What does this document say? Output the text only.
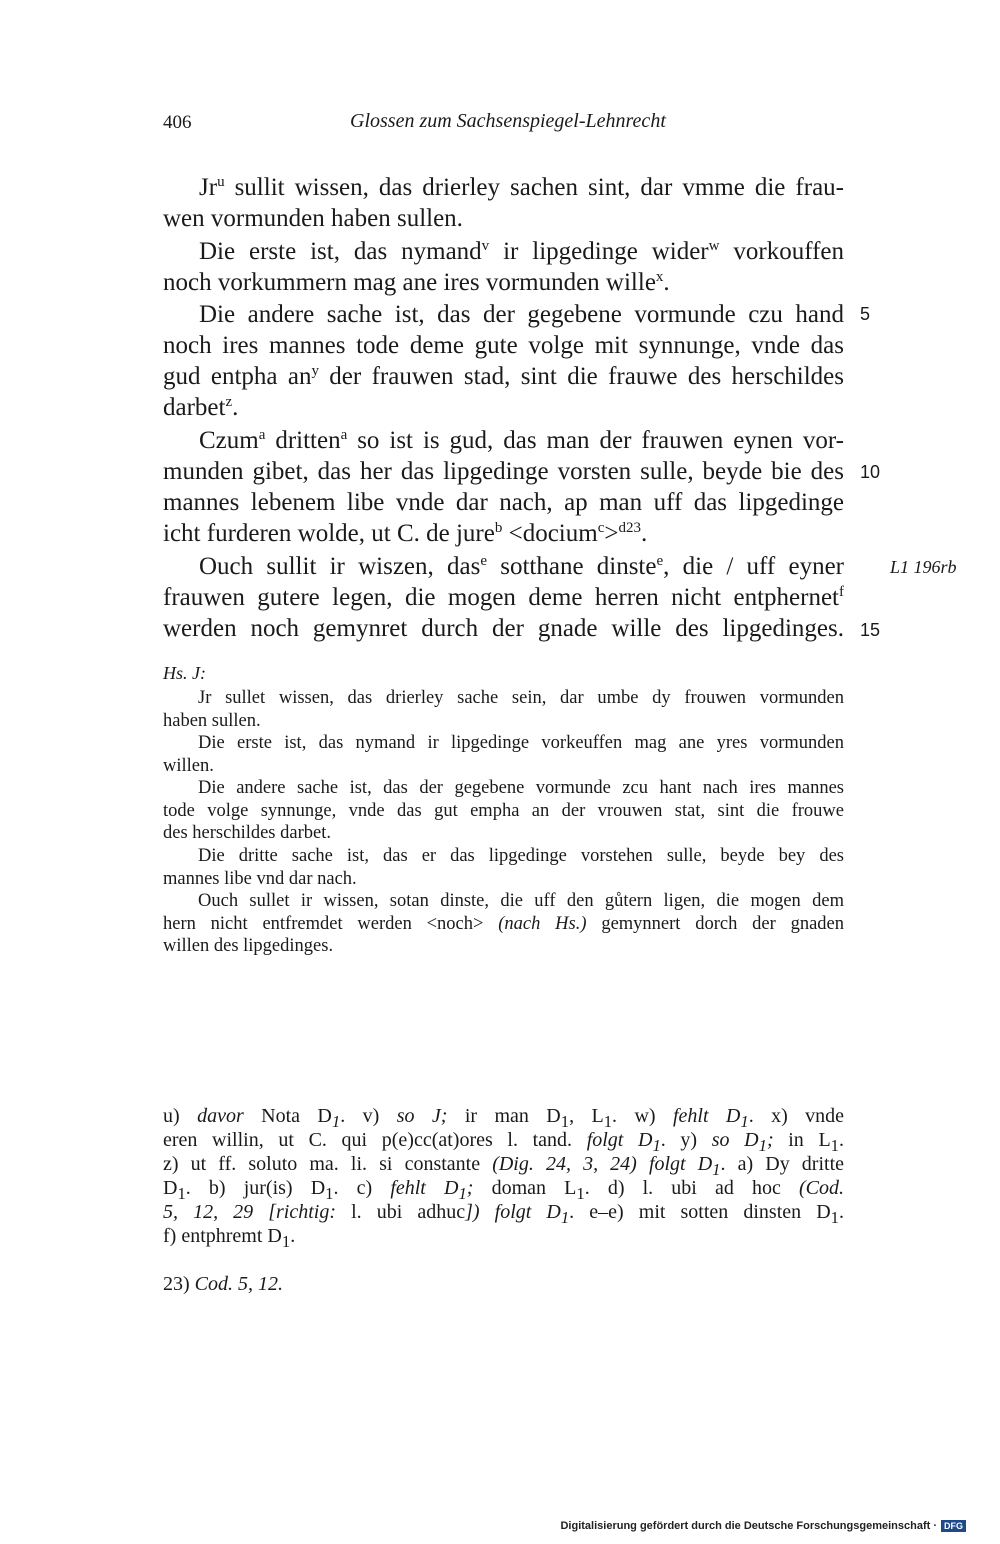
406	Glossen zum Sachsenspiegel-Lehnrecht
Jr$^u$ sullit wissen, das drierley sachen sint, dar vmme die frau-
wen vormunden haben sullen.
Die erste ist, das nymand$^v$ ir lipgedinge wider$^w$ vorkouffen
noch vorkummern mag ane ires vormunden wille$^x$.
Die andere sache ist, das der gegebene vormunde czu hand
noch ires mannes tode deme gute volge mit synnunge, vnde das
gud entpha $an^y$ der frauwen stad, sint die frauwe des herschildes
darbet$^z$.
Czum$^a$ dritten$^a$ so ist is gud, das man der frauwen eynen vor-
munden gibet, das her das lipgedinge vorsten sulle, beyde bie des
mannes lebenem libe vnde dar nach, ap man uff das lipgedinge
icht furderen wolde, ut C. de jure$^b$ <docium$^c$>$^{d23}$.
Ouch sullit ir wiszen, das$^e$ sotthane dinste$^e$, die / uff eyner
frauwen gutere legen, die mogen deme herren nicht entphernet$^f$
werden noch gemynret durch der gnade wille des lipgedinges.
5
10
15
L1 196rb
Hs. J:
Jr sullet wissen, das drierley sache sein, dar umbe dy frouwen vormunden
haben sullen.
Die erste ist, das nymand ir lipgedinge vorkeuffen mag ane yres vormunden
willen.
Die andere sache ist, das der gegebene vormunde zcu hant nach ires mannes
tode volge synnunge, vnde das gut empha an der vrouwen stat, sint die frouwe
des herschildes darbet.
Die dritte sache ist, das er das lipgedinge vorstehen sulle, beyde bey des
mannes libe vnd dar nach.
Ouch sullet ir wissen, sotan dinste, die uff den gůtern ligen, die mogen dem
hern nicht entfremdet werden <noch> (nach Hs.) gemynnert dorch der gnaden
willen des lipgedinges.
u) davor Nota $D_1$. v) so J; ir man $D_1$, $L_1$. w) fehlt $D_1$. x) vnde
eren willin, ut C. qui p(e)cc(at)ores l. tand. folgt $D_1$. y) so $D_1$; in $L_1$.
z) ut ff. soluto ma. li. si constante (Dig. 24, 3, 24) folgt $D_1$. a) Dy dritte
$D_1$. b) jur(is) $D_1$. c) fehlt $D_1$; doman $L_1$. d) l. ubi ad hoc (Cod.
5, 12, 29 [richtig: l. ubi adhuc]) folgt $D_1$. e–e) mit sotten dinsten $D_1$.
f) entphremt $D_1$.
23) Cod. 5, 12.
Digitalisierung gefördert durch die Deutsche Forschungsgemeinschaft · DFG
